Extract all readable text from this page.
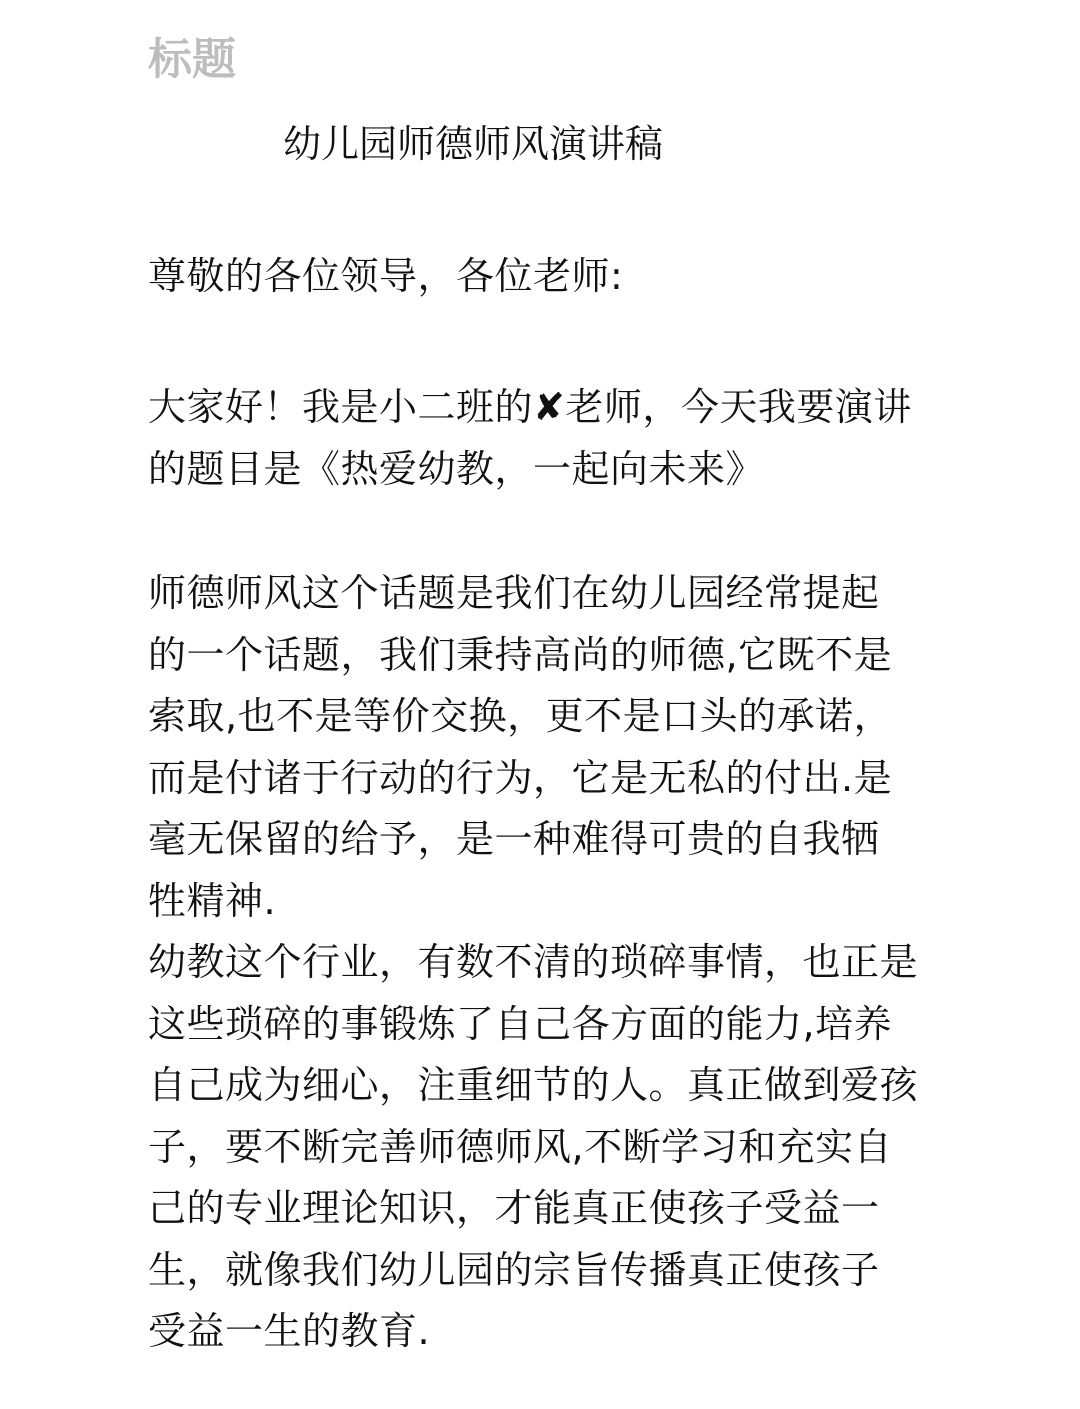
标题
幼儿园师德师风演讲稿
尊敬的各位领导，各位老师:
大家好！我是小二班的✘老师，今天我要演讲
的题目是《热爱幼教，一起向未来》
师德师风这个话题是我们在幼儿园经常提起
的一个话题，我们秉持高尚的师德,它既不是
索取,也不是等价交换，更不是口头的承诺，
而是付诸于行动的行为，它是无私的付出.是
毫无保留的给予，是一种难得可贵的自我牺
牲精神.
幼教这个行业，有数不清的琐碎事情，也正是
这些琐碎的事锻炼了自己各方面的能力,培养
自己成为细心，注重细节的人。真正做到爱孩
子，要不断完善师德师风,不断学习和充实自
己的专业理论知识，才能真正使孩子受益一
生，就像我们幼儿园的宗旨传播真正使孩子
受益一生的教育.
